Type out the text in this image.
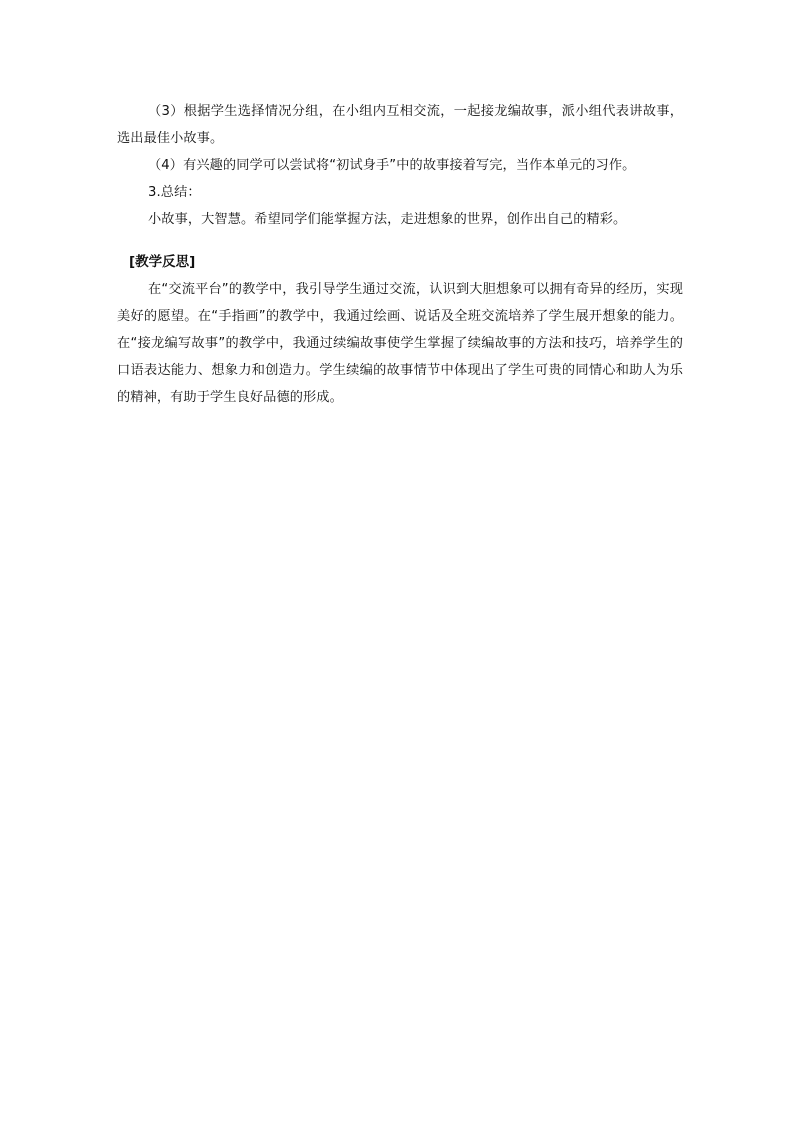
（3）根据学生选择情况分组，在小组内互相交流，一起接龙编故事，派小组代表讲故事，选出最佳小故事。

（4）有兴趣的同学可以尝试将“初试身手”中的故事接着写完，当作本单元的习作。

3.总结：

小故事，大智慧。希望同学们能掌握方法，走进想象的世界，创作出自己的精彩。

[教学反思]

在“交流平台”的教学中，我引导学生通过交流，认识到大胆想象可以拥有奇异的经历，实现美好的愿望。在“手指画”的教学中，我通过绘画、说话及全班交流培养了学生展开想象的能力。在“接龙编写故事”的教学中，我通过续编故事使学生掌握了续编故事的方法和技巧，培养学生的口语表达能力、想象力和创造力。学生续编的故事情节中体现出了学生可贵的同情心和助人为乐的精神，有助于学生良好品德的形成。
